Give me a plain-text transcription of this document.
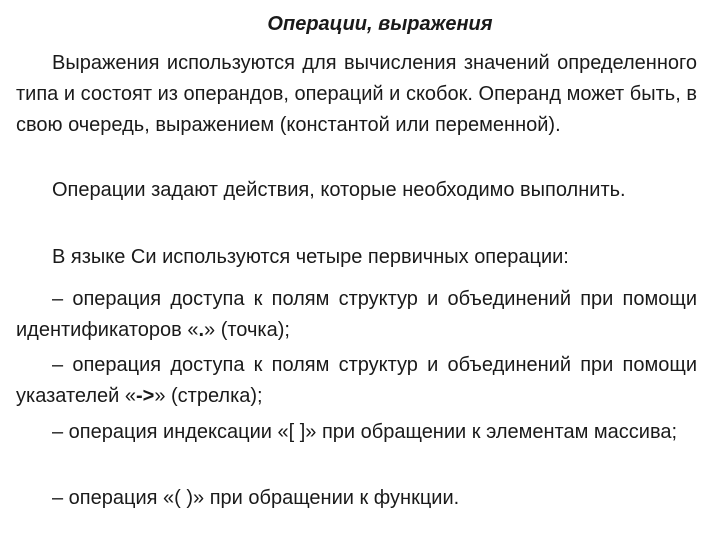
Операции, выражения

Выражения используются для вычисления значений определенного типа и состоят из операндов, операций и скобок. Операнд может быть, в свою очередь, выражением (константой или переменной).

Операции задают действия, которые необходимо выполнить.

В языке Си используются четыре первичных операции:

– операция доступа к полям структур и объединений при помощи идентификаторов «.» (точка);

– операция доступа к полям структур и объединений при помощи указателей «->» (стрелка);

– операция индексации «[ ]» при обращении к элементам массива;

– операция «( )» при обращении к функции.
